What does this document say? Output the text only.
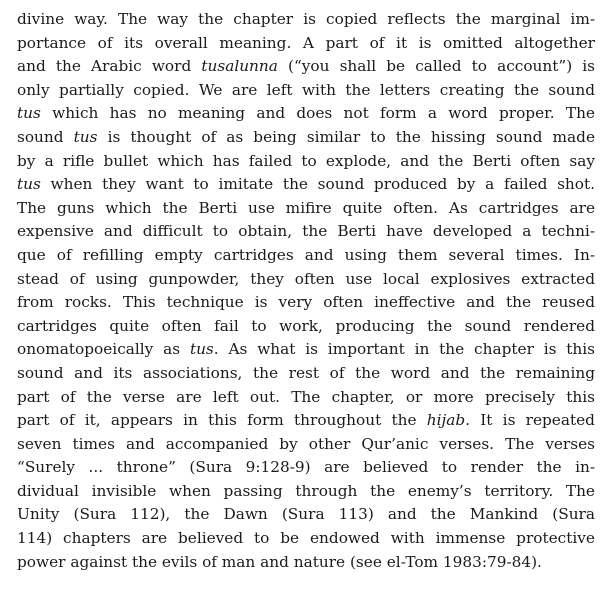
divine way. The way the chapter is copied reflects the marginal im-
portance of its overall meaning. A part of it is omitted altogether
and the Arabic word tusalunna (“you shall be called to account”) is
only partially copied. We are left with the letters creating the sound
tus which has no meaning and does not form a word proper. The
sound tus is thought of as being similar to the hissing sound made
by a rifle bullet which has failed to explode, and the Berti often say
tus when they want to imitate the sound produced by a failed shot.
The guns which the Berti use mifire quite often. As cartridges are
expensive and difficult to obtain, the Berti have developed a techni-
que of refilling empty cartridges and using them several times. In-
stead of using gunpowder, they often use local explosives extracted
from rocks. This technique is very often ineffective and the reused
cartridges quite often fail to work, producing the sound rendered
onomatopoeically as tus. As what is important in the chapter is this
sound and its associations, the rest of the word and the remaining
part of the verse are left out. The chapter, or more precisely this
part of it, appears in this form throughout the hijab. It is repeated
seven times and accompanied by other Qur’anic verses. The verses
“Surely ... throne” (Sura 9:128-9) are believed to render the in-
dividual invisible when passing through the enemy’s territory. The
Unity (Sura 112), the Dawn (Sura 113) and the Mankind (Sura
114) chapters are believed to be endowed with immense protective
power against the evils of man and nature (see el-Tom 1983:79-84).
